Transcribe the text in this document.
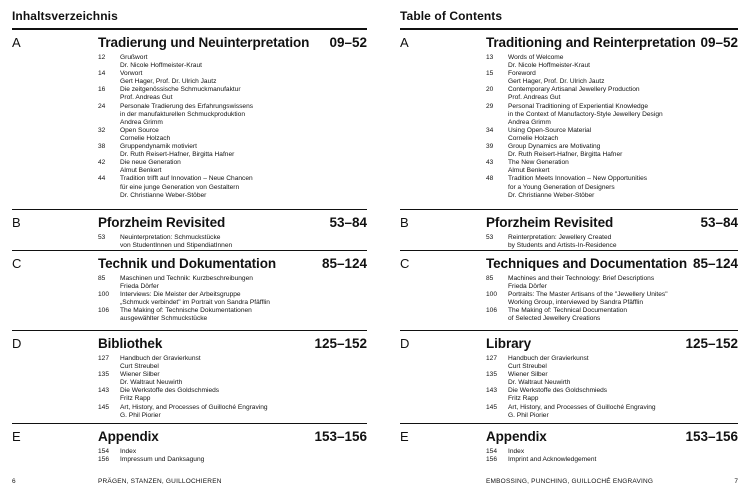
Inhaltsverzeichnis
A	Tradierung und Neuinterpretation 09–52
12	Grußwort
Dr. Nicole Hoffmeister-Kraut
14	Vorwort
Gert Hager, Prof. Dr. Ulrich Jautz
16	Die zeitgenössische Schmuckmanufaktur
Prof. Andreas Gut
24	Personale Tradierung des Erfahrungswissens
in der manufakturellen Schmuckproduktion
Andrea Grimm
32	Open Source
Cornelie Holzach
38	Gruppendynamik motiviert
Dr. Ruth Reisert-Hafner, Birgitta Hafner
42	Die neue Generation
Almut Benkert
44	Tradition trifft auf Innovation – Neue Chancen
für eine junge Generation von Gestaltern
Dr. Christianne Weber-Stöber
B	Pforzheim Revisited	53–84
53	Neuinterpretation: Schmuckstücke
von StudentInnen und StipendiatInnen
C	Technik und Dokumentation	85–124
85	Maschinen und Technik: Kurzbeschreibungen
Frieda Dörfer
100	Interviews: Die Meister der Arbeitsgruppe
„Schmuck verbindet" im Portrait von Sandra Pfäfflin
106	The Making of: Technische Dokumentationen
ausgewählter Schmuckstücke
D	Bibliothek	125–152
127	Handbuch der Gravierkunst
Curt Streubel
135	Wiener Silber
Dr. Waltraut Neuwirth
143	Die Werkstoffe des Goldschmieds
Fritz Rapp
145	Art, History, and Processes of Guilloché Engraving
G. Phil Piorier
E	Appendix	153–156
154	Index
156	Impressum und Danksagung
6	PRÄGEN, STANZEN, GUILLOCHIEREN
Table of Contents
A	Traditioning and Reinterpretation 09–52
13	Words of Welcome
Dr. Nicole Hoffmeister-Kraut
15	Foreword
Gert Hager, Prof. Dr. Ulrich Jautz
20	Contemporary Artisanal Jewellery Production
Prof. Andreas Gut
29	Personal Traditioning of Experiential Knowledge
in the Context of Manufactory-Style Jewellery Design
Andrea Grimm
34	Using Open-Source Material
Cornelie Holzach
39	Group Dynamics are Motivating
Dr. Ruth Reisert-Hafner, Birgitta Hafner
43	The New Generation
Almut Benkert
48	Tradition Meets Innovation – New Opportunities
for a Young Generation of Designers
Dr. Christianne Weber-Stöber
B	Pforzheim Revisited	53–84
53	Reinterpretation: Jewellery Created
by Students and Artists-In-Residence
C	Techniques and Documentation 85–124
85	Machines and their Technology: Brief Descriptions
Frieda Dörfer
100	Portraits: The Master Artisans of the "Jewellery Unites"
Working Group, interviewed by Sandra Pfäfflin
106	The Making of: Technical Documentation
of Selected Jewellery Creations
D	Library	125–152
127	Handbuch der Gravierkunst
Curt Streubel
135	Wiener Silber
Dr. Waltraut Neuwirth
143	Die Werkstoffe des Goldschmieds
Fritz Rapp
145	Art, History, and Processes of Guilloché Engraving
G. Phil Piorier
E	Appendix	153–156
154	Index
156	Imprint and Acknowledgement
7
EMBOSSING, PUNCHING, GUILLOCHÉ ENGRAVING
